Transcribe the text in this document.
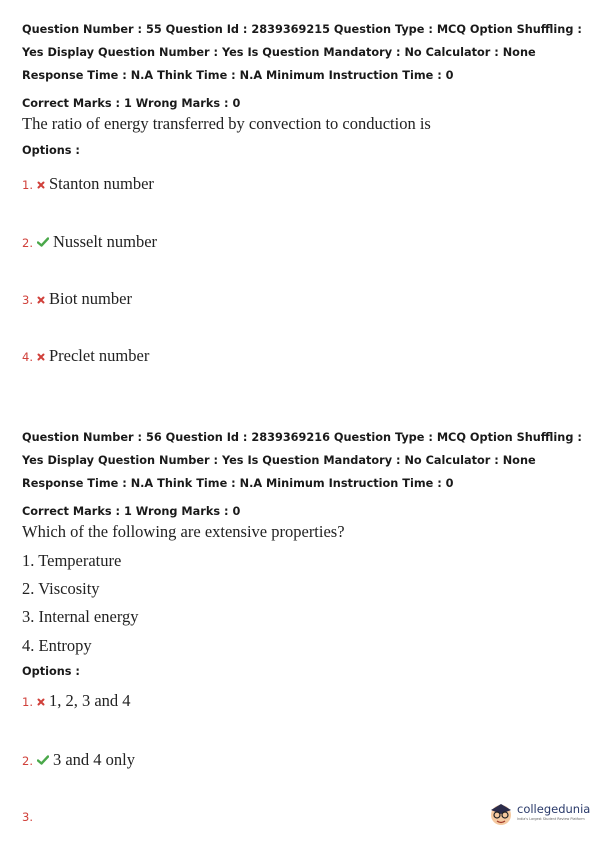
Question Number : 55 Question Id : 2839369215 Question Type : MCQ Option Shuffling : Yes Display Question Number : Yes Is Question Mandatory : No Calculator : None Response Time : N.A Think Time : N.A Minimum Instruction Time : 0
Correct Marks : 1 Wrong Marks : 0
The ratio of energy transferred by convection to conduction is
Options :
1. Stanton number
2. Nusselt number
3. Biot number
4. Preclet number
Question Number : 56 Question Id : 2839369216 Question Type : MCQ Option Shuffling : Yes Display Question Number : Yes Is Question Mandatory : No Calculator : None Response Time : N.A Think Time : N.A Minimum Instruction Time : 0
Correct Marks : 1 Wrong Marks : 0
Which of the following are extensive properties?
1. Temperature
2. Viscosity
3. Internal energy
4. Entropy
Options :
1. 1, 2, 3 and 4
2. 3 and 4 only
3.
collegedunia
India's Largest Student Review Platform
